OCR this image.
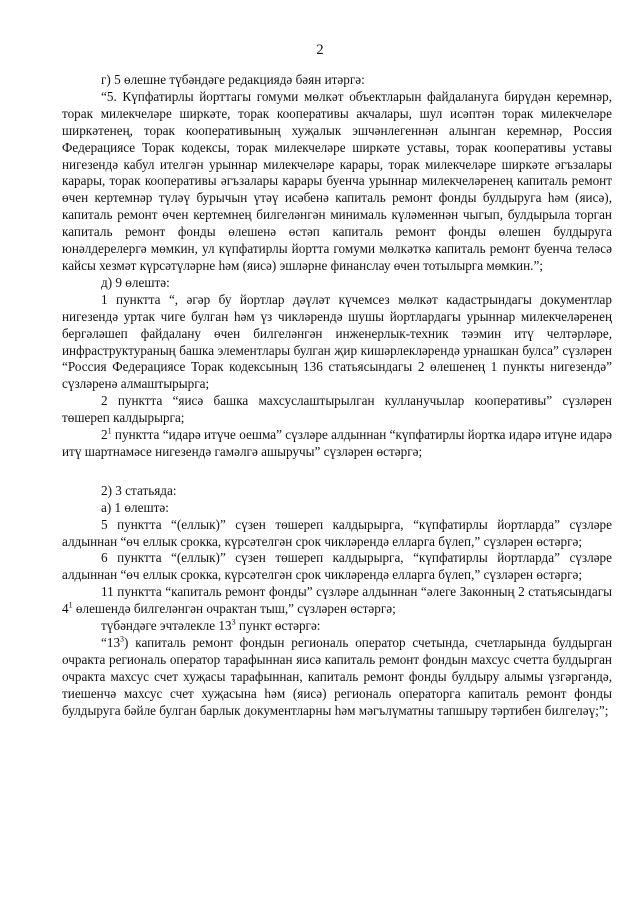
2

г) 5 өлешне түбәндәге редакциядә бәян итәргә:

“5. Күпфатирлы йорттагы гомуми мөлкәт объектларын файдалануга бирүдән керемнәр, торак милекчеләре ширкәте, торак кооперативы акчалары, шул исәптән торак милекчеләре ширкәтенең, торак кооперативының хуҗалык эшчәнлегеннән алынган керемнәр, Россия Федерациясе Торак кодексы, торак милекчеләре ширкәте уставы, торак кооперативы уставы нигезендә кабул ителгән урыннар милекчеләре карары, торак милекчеләре ширкәте әгъзалары карары, торак кооперативы әгъзалары карары буенча урыннар милекчеләренең капиталь ремонт өчен кертемнәр түләү бурычын үтәү исәбенә капиталь ремонт фонды булдыруга һәм (яисә), капиталь ремонт өчен кертемнең билгеләнгән минималь күләменнән чыгып, булдырыла торган капиталь ремонт фонды өлешенә өстәп капиталь ремонт фонды өлешен булдыруга юнәлдерелергә мөмкин, ул күпфатирлы йортта гомуми мөлкәткә капиталь ремонт буенча теләсә кайсы хезмәт күрсәтүләрне һәм (яисә) эшләрне финанслау өчен тотылырга мөмкин.”;

д) 9 өлештә:

1 пунктта “, әгәр бу йортлар дәүләт күчемсез мөлкәт кадастрындагы документлар нигезендә уртак чиге булган һәм үз чикләрендә шушы йортлардагы урыннар милекчеләренең бергәләшеп файдалану өчен билгеләнгән инженерлык-техник тәэмин итү челтәрләре, инфраструктураның башка элементлары булган җир кишәрлекләрендә урнашкан булса” сүзләрен “Россия Федерациясе Торак кодексының 136 статьясындагы 2 өлешенең 1 пункты нигезендә” сүзләренә алмаштырырга;

2 пунктта “яисә башка махсуслаштырылган кулланучылар кооперативы” сүзләрен төшереп калдырырга;

$2^1$ пунктта “идарә итүче оешма” сүзләре алдыннан “күпфатирлы йортка идарә итүне идарә итү шартнамәсе нигезендә гамәлгә ашыручы” сүзләрен өстәргә;

2) 3 статьяда:

а) 1 өлештә:

5 пунктта “(еллык)” сүзен төшереп калдырырга, “күпфатирлы йортларда” сүзләре алдыннан “өч еллык срокка, күрсәтелгән срок чикләрендә елларга бүлеп,” сүзләрен өстәргә;

6 пунктта “(еллык)” сүзен төшереп калдырырга, “күпфатирлы йортларда” сүзләре алдыннан “өч еллык срокка, күрсәтелгән срок чикләрендә елларга бүлеп,” сүзләрен өстәргә;

11 пунктта “капиталь ремонт фонды” сүзләре алдыннан “әлеге Законның 2 статьясындагы $4^1$ өлешендә билгеләнгән очрактан тыш,” сүзләрен өстәргә;

түбәндәге эчтәлекле $13^3$ пункт өстәргә:

“$13^3$) капиталь ремонт фондын региональ оператор счетында, счетларында булдырган очракта региональ оператор тарафыннан яисә капиталь ремонт фондын махсус счетта булдырган очракта махсус счет хуҗасы тарафыннан, капиталь ремонт фонды булдыру алымы үзгәргәндә, тиешенчә махсус счет хуҗасына һәм (яисә) региональ операторга капиталь ремонт фонды булдыруга бәйле булган барлык документларны һәм мәгълүматны тапшыру тәртибен билгеләү;”;
